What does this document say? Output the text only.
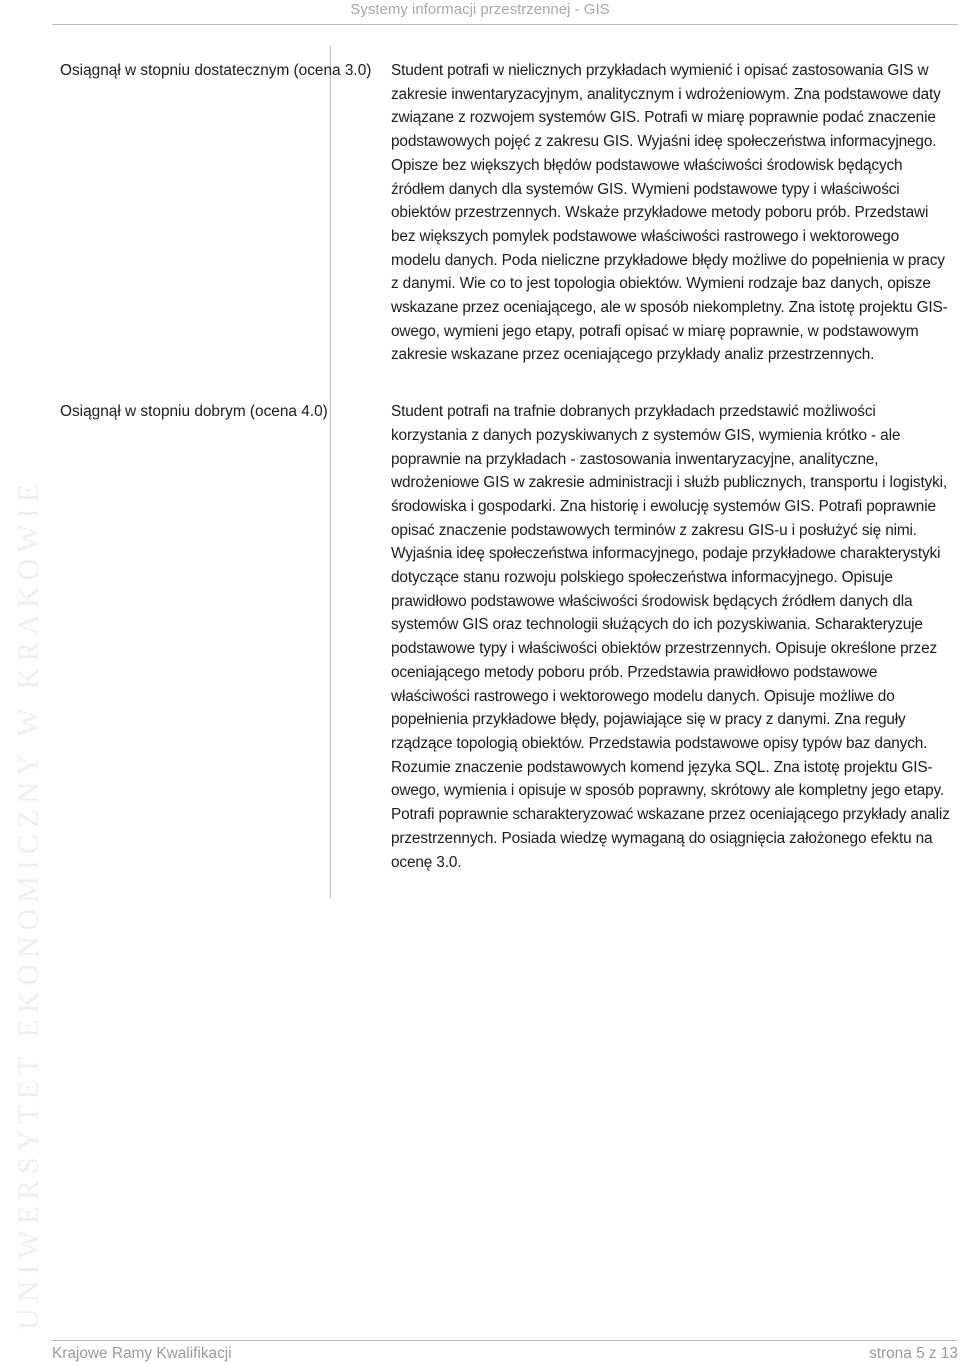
Systemy informacji przestrzennej - GIS
UNIWERSYTET EKONOMICZNY W KRAKOWIE
Osiągnął w stopniu dostatecznym (ocena 3.0)	Student potrafi w nielicznych przykładach wymienić i opisać zastosowania GIS w zakresie inwentaryzacyjnym, analitycznym i wdrożeniowym. Zna podstawowe daty związane z rozwojem systemów GIS. Potrafi w miarę poprawnie podać znaczenie podstawowych pojęć z zakresu GIS. Wyjaśni ideę społeczeństwa informacyjnego. Opisze bez większych błędów podstawowe właściwości środowisk będących źródłem danych dla systemów GIS. Wymieni podstawowe typy i właściwości obiektów przestrzennych. Wskaże przykładowe metody poboru prób. Przedstawi bez większych pomylek podstawowe właściwości rastrowego i wektorowego modelu danych. Poda nieliczne przykładowe błędy możliwe do popełnienia w pracy z danymi. Wie co to jest topologia obiektów. Wymieni rodzaje baz danych, opisze wskazane przez oceniającego, ale w sposób niekompletny. Zna istotę projektu GIS-owego, wymieni jego etapy, potrafi opisać w miarę poprawnie, w podstawowym zakresie wskazane przez oceniającego przykłady analiz przestrzennych.
Osiągnął w stopniu dobrym (ocena 4.0)	Student potrafi na trafnie dobranych przykładach przedstawić możliwości korzystania z danych pozyskiwanych z systemów GIS, wymienia krótko - ale poprawnie na przykładach - zastosowania inwentaryzacyjne, analityczne, wdrożeniowe GIS w zakresie administracji i służb publicznych, transportu i logistyki, środowiska i gospodarki. Zna historię i ewolucję systemów GIS. Potrafi poprawnie opisać znaczenie podstawowych terminów z zakresu GIS-u i posłużyć się nimi. Wyjaśnia ideę społeczeństwa informacyjnego, podaje przykładowe charakterystyki dotyczące stanu rozwoju polskiego społeczeństwa informacyjnego. Opisuje prawidłowo podstawowe właściwości środowisk będących źródłem danych dla systemów GIS oraz technologii służących do ich pozyskiwania. Scharakteryzuje podstawowe typy i właściwości obiektów przestrzennych. Opisuje określone przez oceniającego metody poboru prób. Przedstawia prawidłowo podstawowe właściwości rastrowego i wektorowego modelu danych. Opisuje możliwe do popełnienia przykładowe błędy, pojawiające się w pracy z danymi. Zna reguły rządzące topologią obiektów. Przedstawia podstawowe opisy typów baz danych. Rozumie znaczenie podstawowych komend języka SQL. Zna istotę projektu GIS-owego, wymienia i opisuje w sposób poprawny, skrótowy ale kompletny jego etapy. Potrafi poprawnie scharakteryzować wskazane przez oceniającego przykłady analiz przestrzennych. Posiada wiedzę wymaganą do osiągnięcia założonego efektu na ocenę 3.0.
Krajowe Ramy Kwalifikacji	strona 5 z 13
